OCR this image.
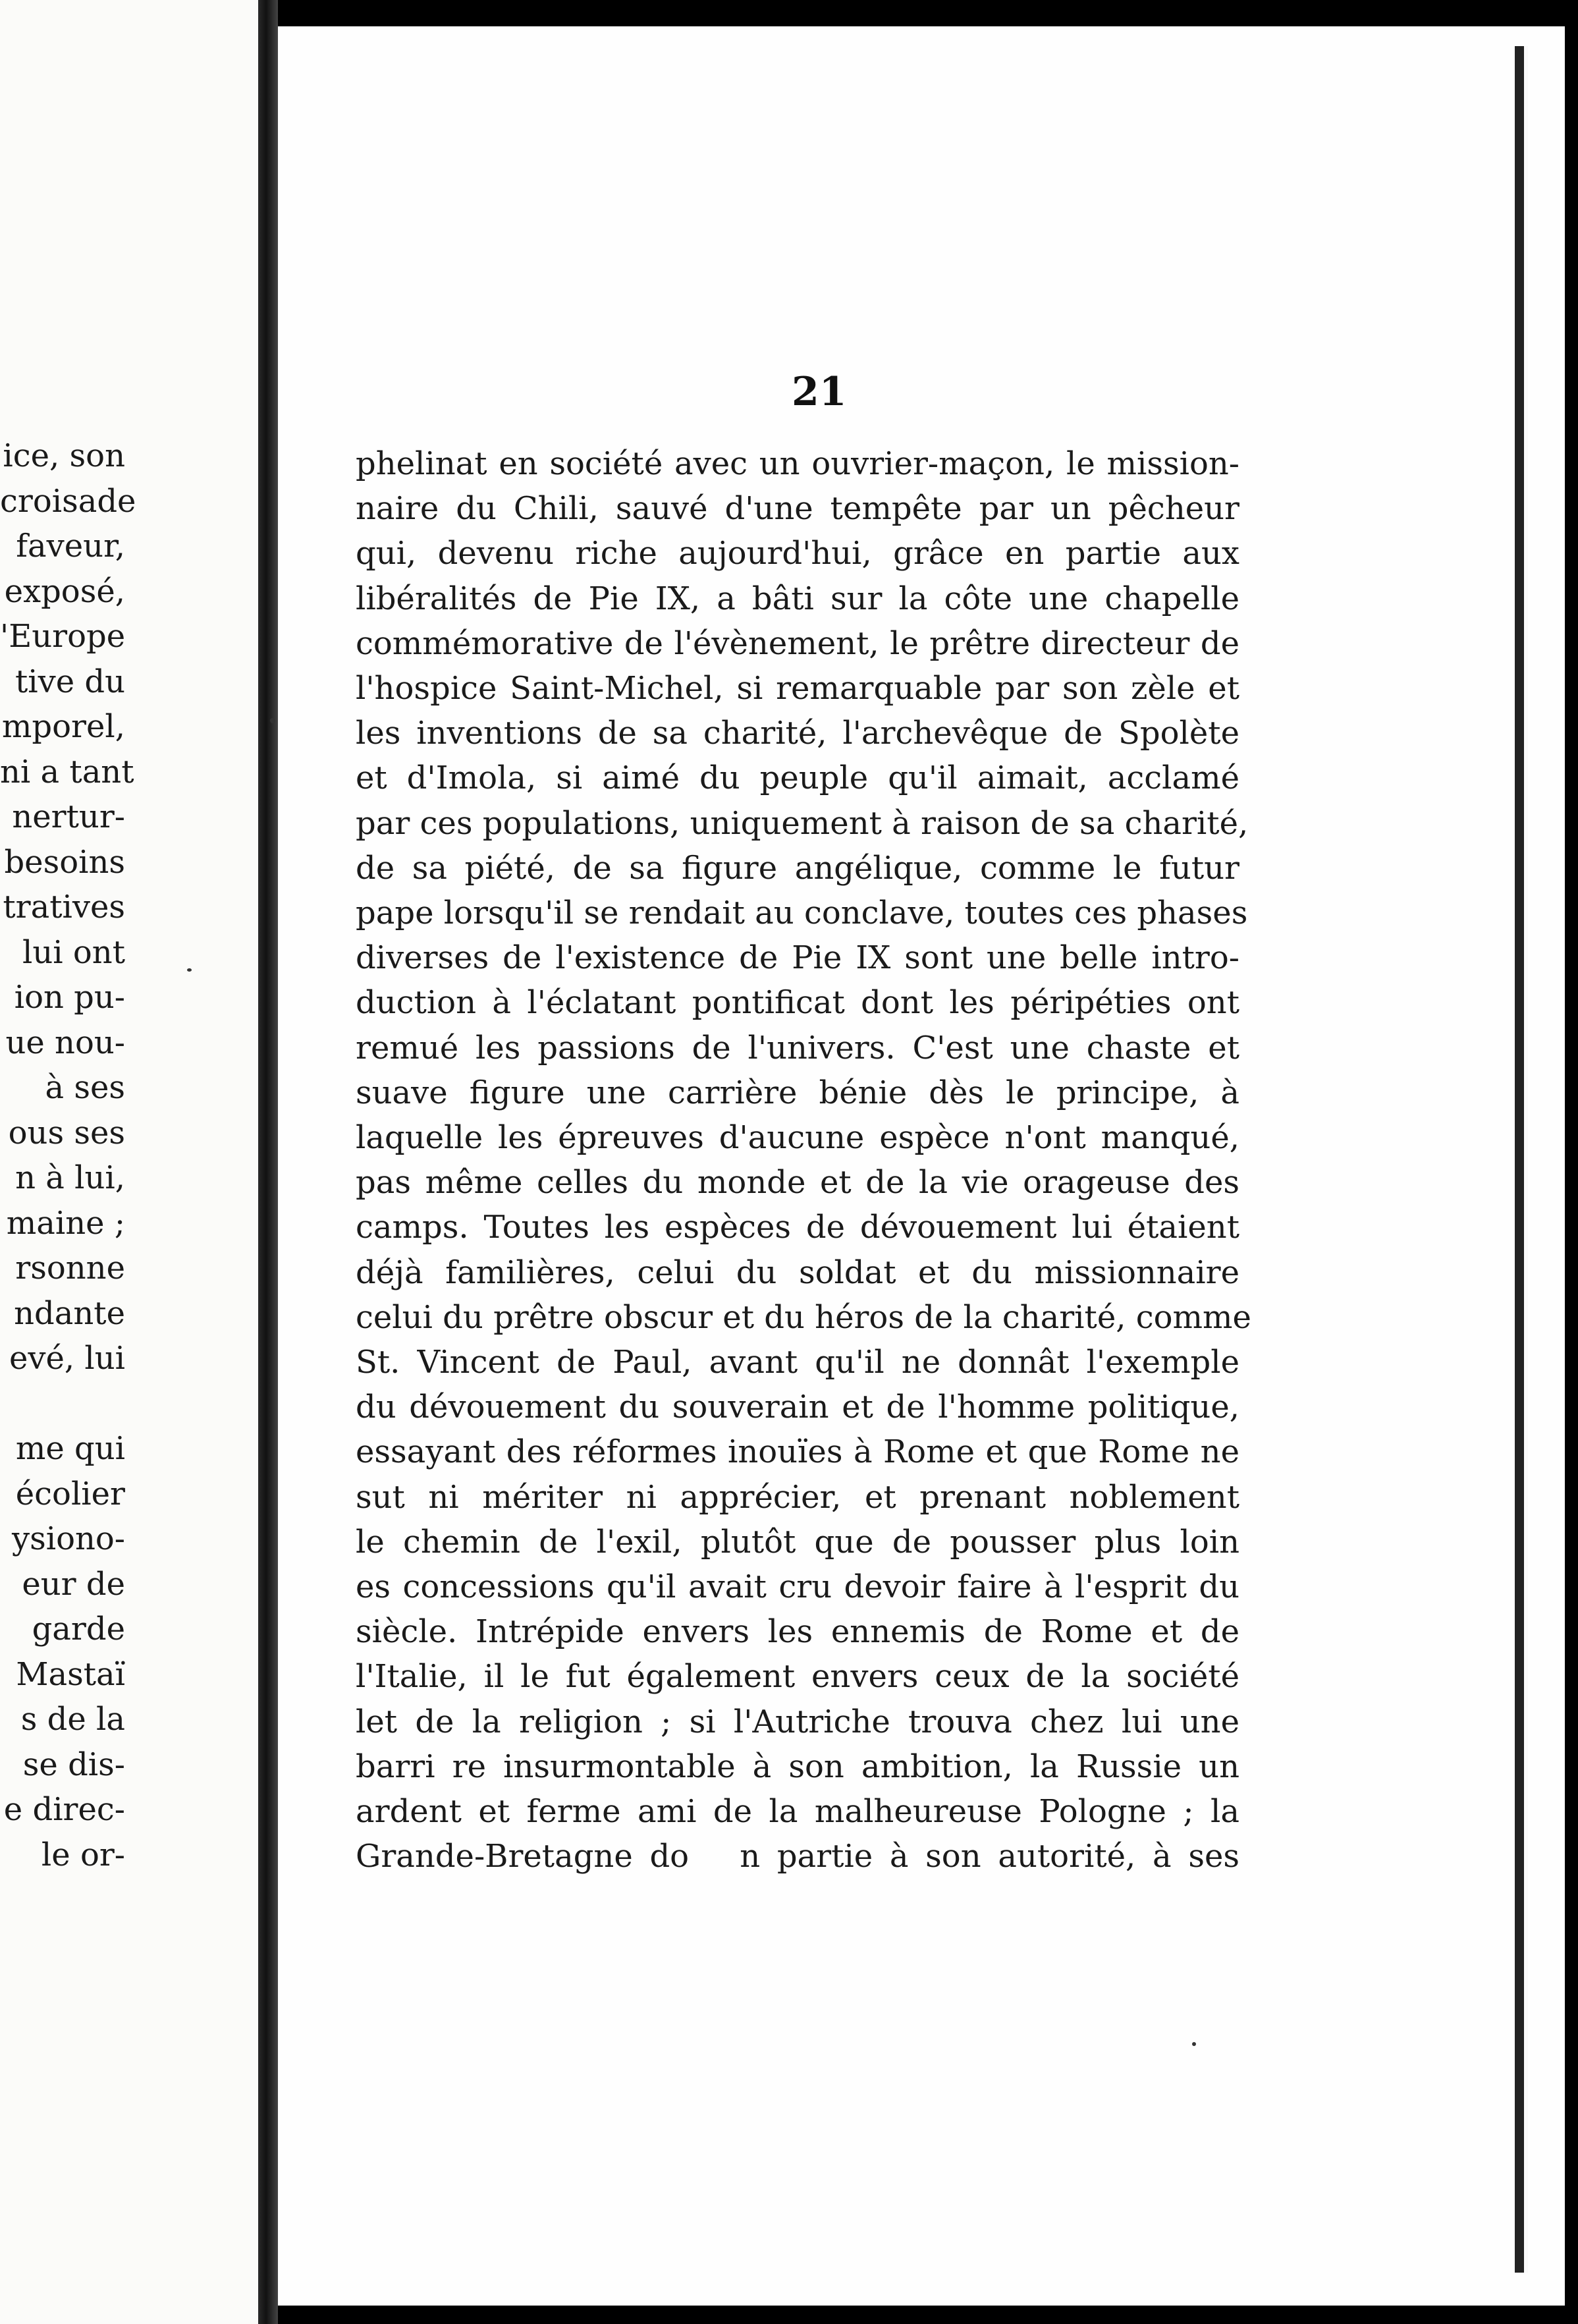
21
phelinat en société avec un ouvrier-maçon, le mission-
naire du Chili, sauvé d'une tempête par un pêcheur
qui, devenu riche aujourd'hui, grâce en partie aux
libéralités de Pie IX, a bâti sur la côte une chapelle
commémorative de l'évènement, le prêtre directeur de
l'hospice Saint-Michel, si remarquable par son zèle et
les inventions de sa charité, l'archevêque de Spolète
et d'Imola, si aimé du peuple qu'il aimait, acclamé
par ces populations, uniquement à raison de sa charité,
de sa piété, de sa figure angélique, comme le futur
pape lorsqu'il se rendait au conclave, toutes ces phases
diverses de l'existence de Pie IX sont une belle intro-
duction à l'éclatant pontificat dont les péripéties ont
remué les passions de l'univers. C'est une chaste et
suave figure une carrière bénie dès le principe, à
laquelle les épreuves d'aucune espèce n'ont manqué,
pas même celles du monde et de la vie orageuse des
camps. Toutes les espèces de dévouement lui étaient
déjà familières, celui du soldat et du missionnaire
celui du prêtre obscur et du héros de la charité, comme
St. Vincent de Paul, avant qu'il ne donnât l'exemple
du dévouement du souverain et de l'homme politique,
essayant des réformes inouïes à Rome et que Rome ne
sut ni mériter ni apprécier, et prenant noblement
le chemin de l'exil, plutôt que de pousser plus loin
es concessions qu'il avait cru devoir faire à l'esprit du
siècle. Intrépide envers les ennemis de Rome et de
l'Italie, il le fut également envers ceux de la société
let de la religion ; si l'Autriche trouva chez lui une
barri re insurmontable à son ambition, la Russie un
ardent et ferme ami de la malheureuse Pologne ; la
Grande-Bretagne do   n partie à son autorité, à ses
ice, son
croisade
faveur,
exposé,
'Europe
tive du
mporel,
ni a tant
nertur-
besoins
tratives
lui ont
ion pu-
ue nou-
à ses
ous ses
n à lui,
maine ;
rsonne
ndante
evé, lui
me qui
écolier
ysiono-
eur de
garde
Mastaï
s de la
se dis-
e direc-
le or-
